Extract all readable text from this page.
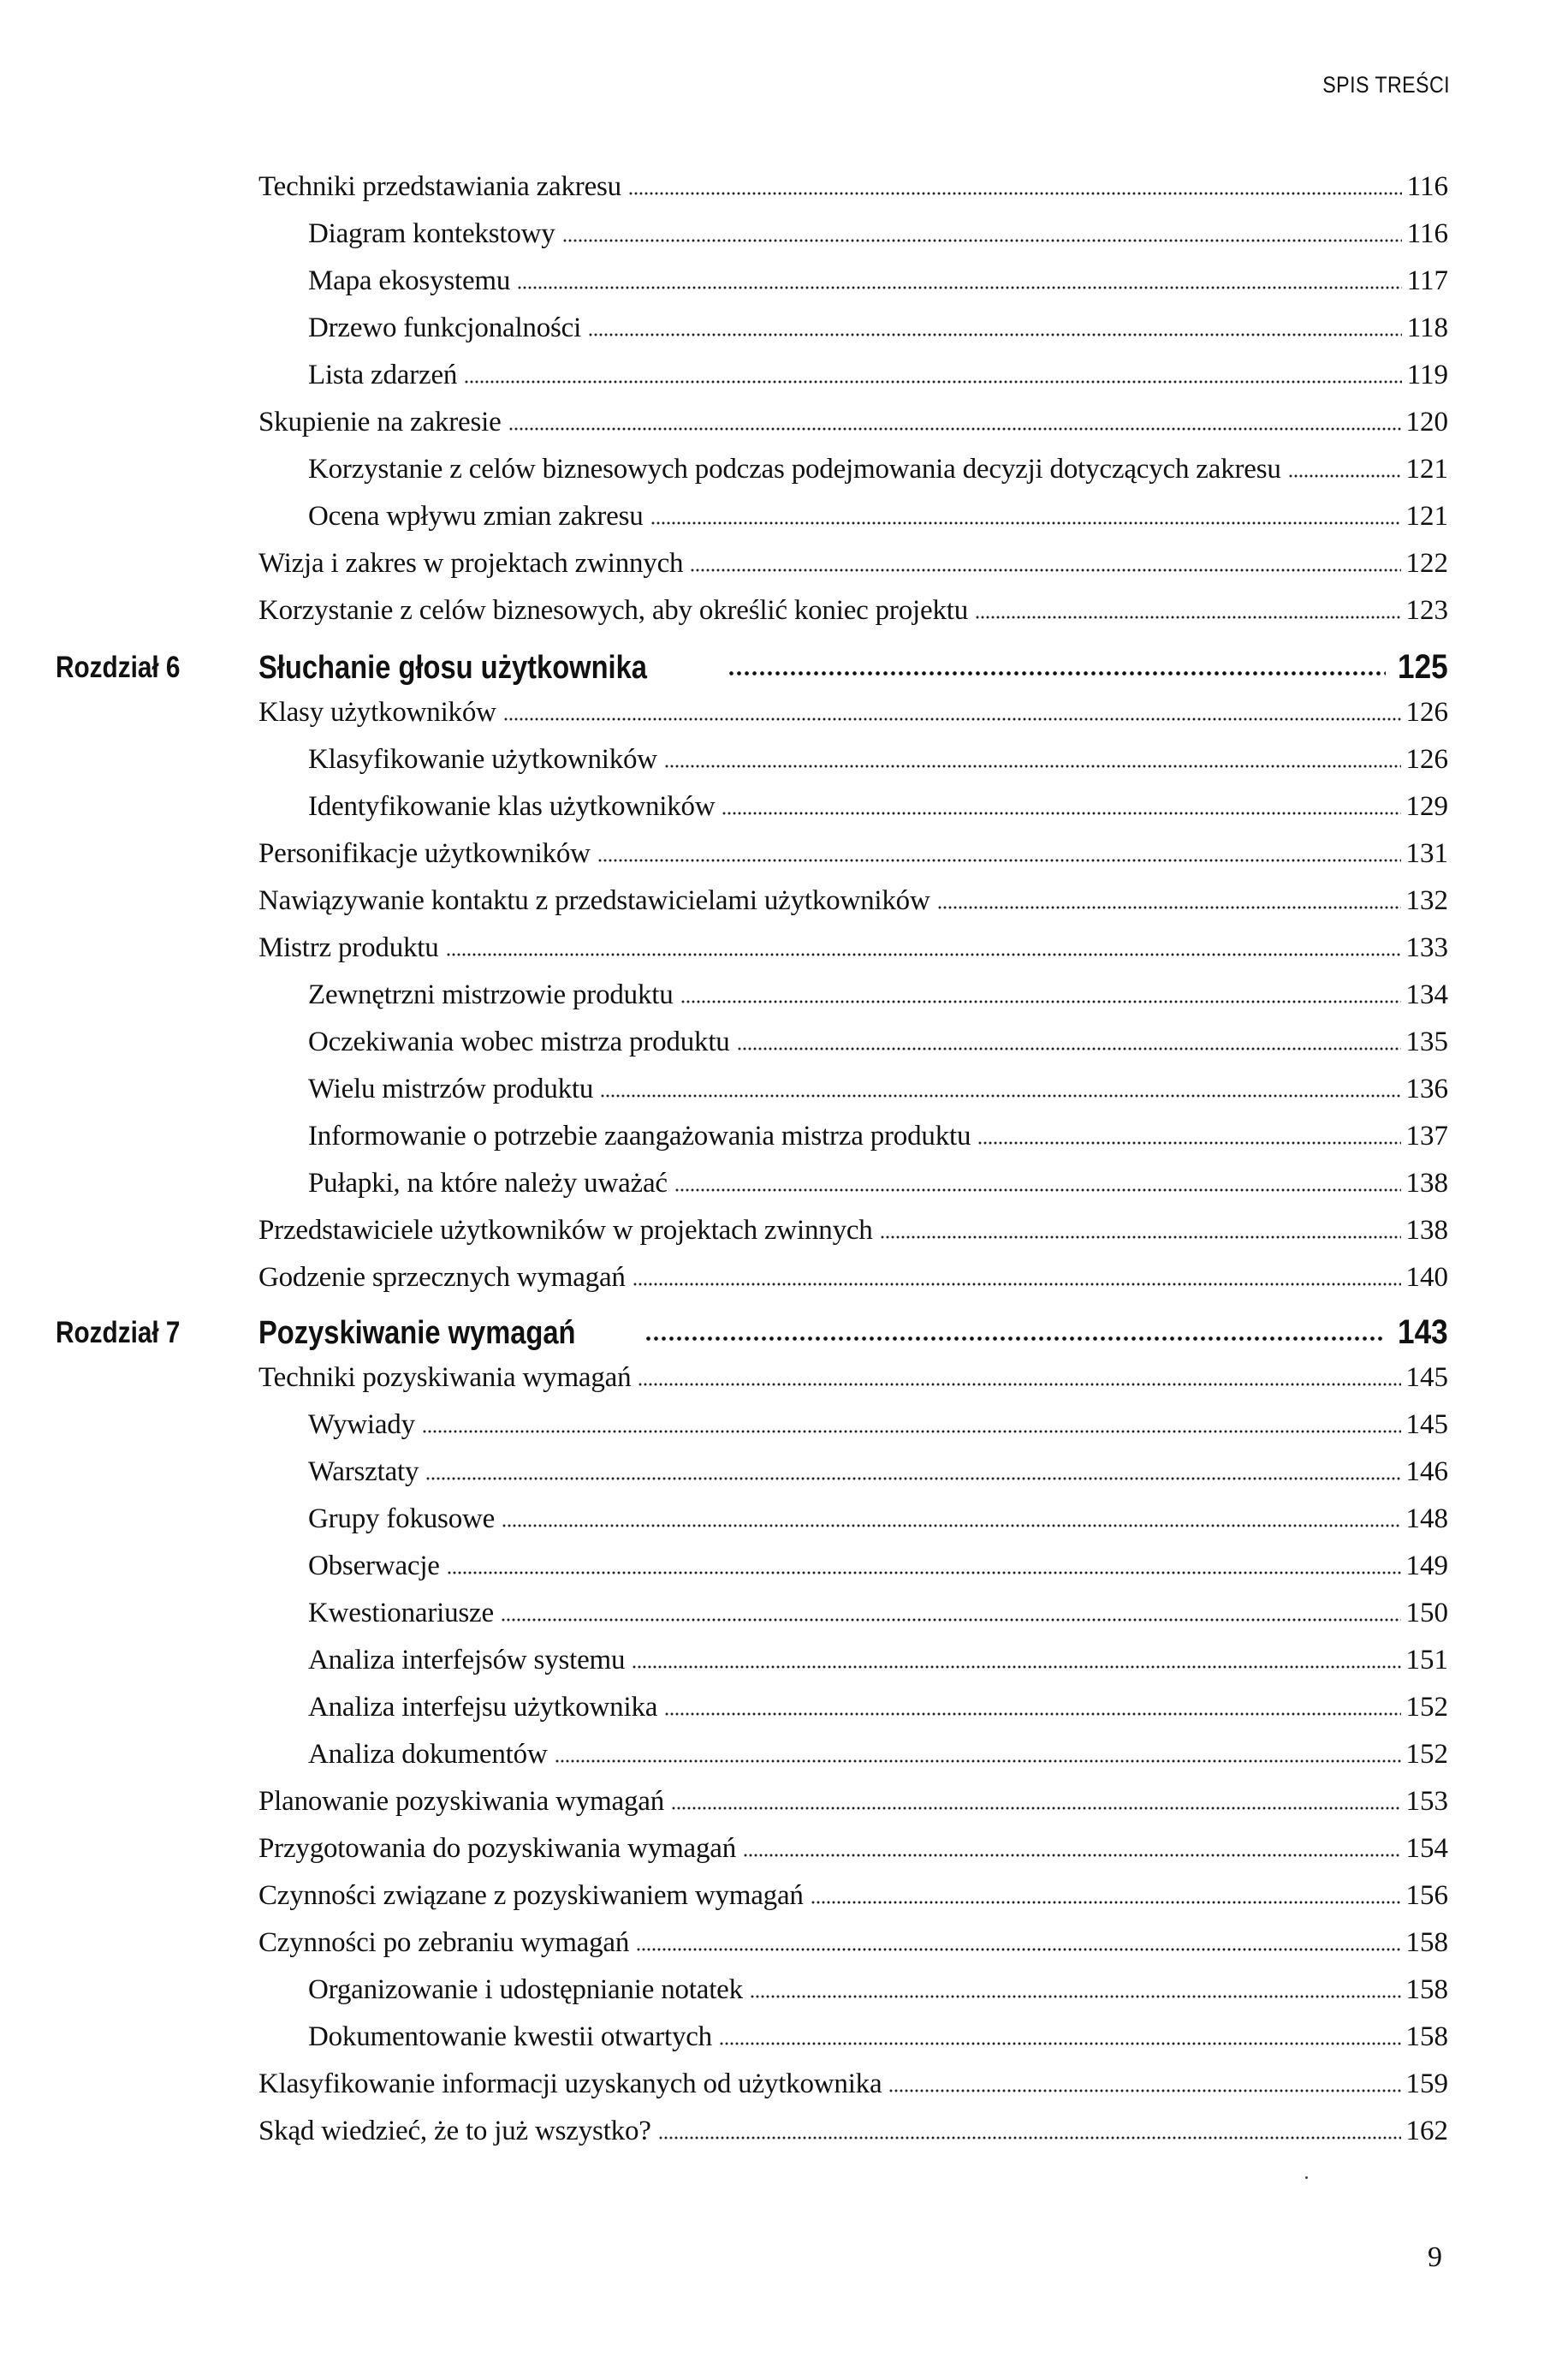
SPIS TREŚCI
Techniki przedstawiania zakresu	116
Diagram kontekstowy	116
Mapa ekosystemu	117
Drzewo funkcjonalności	118
Lista zdarzeń	119
Skupienie na zakresie	120
Korzystanie z celów biznesowych podczas podejmowania decyzji dotyczących zakresu	121
Ocena wpływu zmian zakresu	121
Wizja i zakres w projektach zwinnych	122
Korzystanie z celów biznesowych, aby określić koniec projektu	123
Rozdział 6 Słuchanie głosu użytkownika	125
Klasy użytkowników	126
Klasyfikowanie użytkowników	126
Identyfikowanie klas użytkowników	129
Personifikacje użytkowników	131
Nawiązywanie kontaktu z przedstawicielami użytkowników	132
Mistrz produktu	133
Zewnętrzni mistrzowie produktu	134
Oczekiwania wobec mistrza produktu	135
Wielu mistrzów produktu	136
Informowanie o potrzebie zaangażowania mistrza produktu	137
Pułapki, na które należy uważać	138
Przedstawiciele użytkowników w projektach zwinnych	138
Godzenie sprzecznych wymagań	140
Rozdział 7 Pozyskiwanie wymagań	143
Techniki pozyskiwania wymagań	145
Wywiady	145
Warsztaty	146
Grupy fokusowe	148
Obserwacje	149
Kwestionariusze	150
Analiza interfejsów systemu	151
Analiza interfejsu użytkownika	152
Analiza dokumentów	152
Planowanie pozyskiwania wymagań	153
Przygotowania do pozyskiwania wymagań	154
Czynności związane z pozyskiwaniem wymagań	156
Czynności po zebraniu wymagań	158
Organizowanie i udostępnianie notatek	158
Dokumentowanie kwestii otwartych	158
Klasyfikowanie informacji uzyskanych od użytkownika	159
Skąd wiedzieć, że to już wszystko?	162
9
